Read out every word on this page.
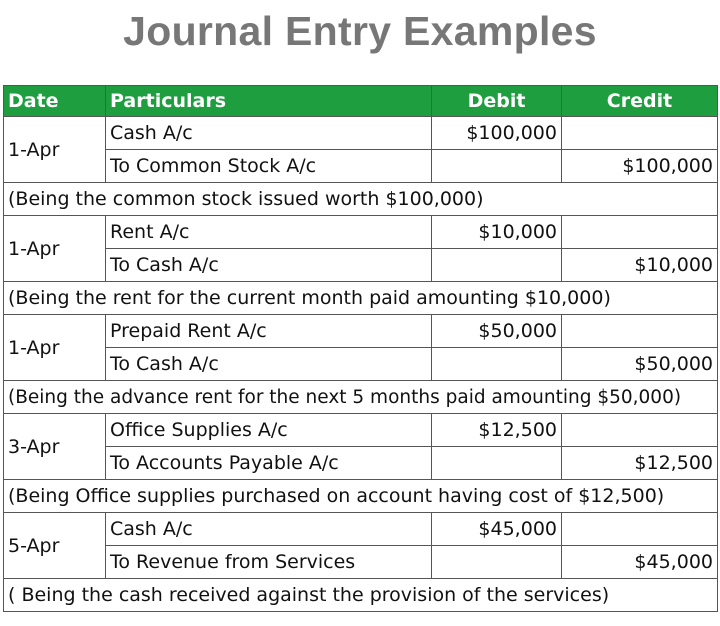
Journal Entry Examples
Date	Particulars	Debit	Credit
1-Apr	Cash A/c	$100,000	
	To Common Stock A/c		$100,000
(Being the common stock issued worth $100,000)			
1-Apr	Rent A/c	$10,000	
	To Cash A/c		$10,000
(Being the rent for the current month paid amounting $10,000)			
1-Apr	Prepaid Rent A/c	$50,000	
	To Cash A/c		$50,000
(Being the advance rent for the next 5 months paid amounting $50,000)			
3-Apr	Office Supplies A/c	$12,500	
	To Accounts Payable A/c		$12,500
(Being Office supplies purchased on account having cost of $12,500)			
5-Apr	Cash A/c	$45,000	
	To Revenue from Services		$45,000
( Being the cash received against the provision of the services)			
